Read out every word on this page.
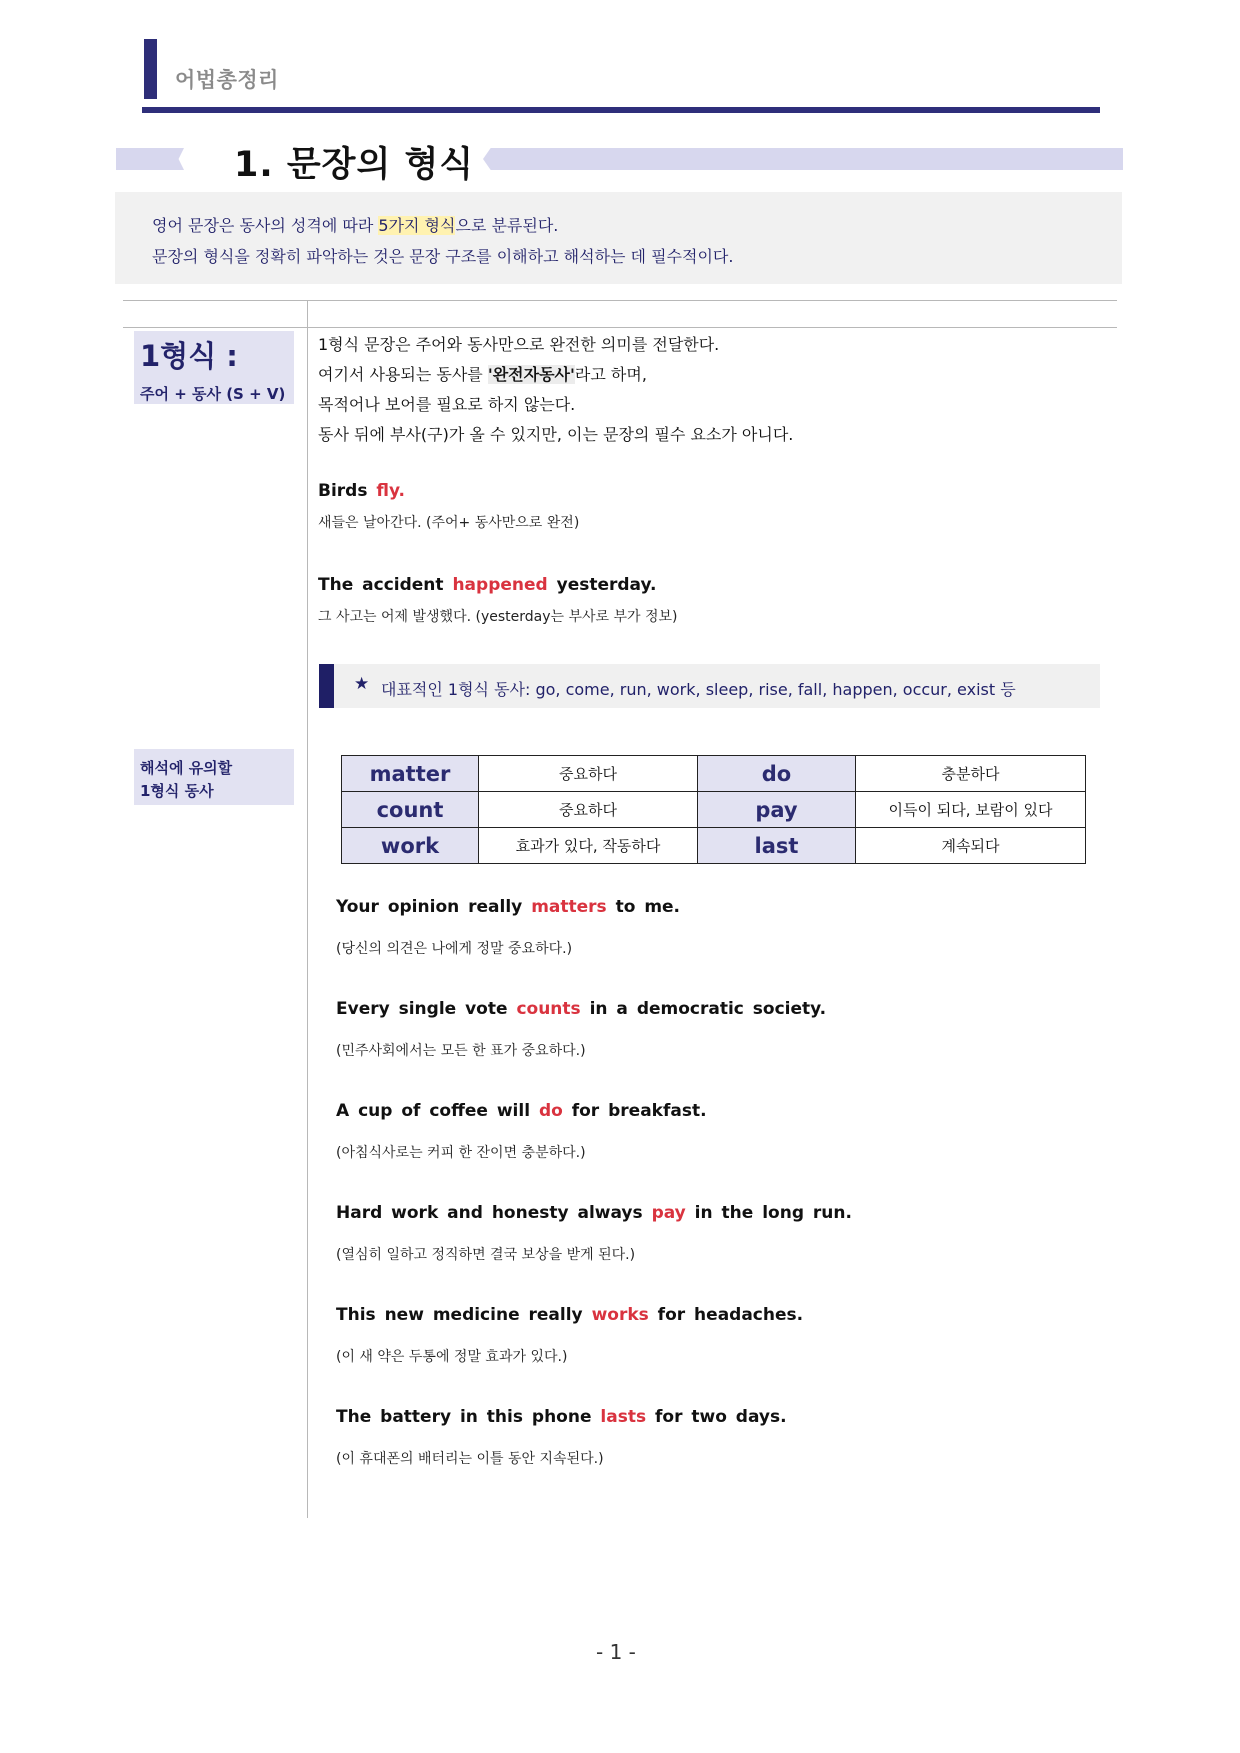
어법총정리
1. 문장의 형식
영어 문장은 동사의 성격에 따라 5가지 형식으로 분류된다.
문장의 형식을 정확히 파악하는 것은 문장 구조를 이해하고 해석하는 데 필수적이다.
1형식 :
주어 + 동사 (S + V)
1형식 문장은 주어와 동사만으로 완전한 의미를 전달한다.
여기서 사용되는 동사를 '완전자동사'라고 하며,
목적어나 보어를 필요로 하지 않는다.
동사 뒤에 부사(구)가 올 수 있지만, 이는 문장의 필수 요소가 아니다.
Birds fly.
새들은 날아간다. (주어+ 동사만으로 완전)
The accident happened yesterday.
그 사고는 어제 발생했다. (yesterday는 부사로 부가 정보)
★ 대표적인 1형식 동사: go, come, run, work, sleep, rise, fall, happen, occur, exist 등
해석에 유의할
1형식 동사
matter	중요하다	do	충분하다
count	중요하다	pay	이득이 되다, 보람이 있다
work	효과가 있다, 작동하다	last	계속되다
Your opinion really matters to me.
(당신의 의견은 나에게 정말 중요하다.)
Every single vote counts in a democratic society.
(민주사회에서는 모든 한 표가 중요하다.)
A cup of coffee will do for breakfast.
(아침식사로는 커피 한 잔이면 충분하다.)
Hard work and honesty always pay in the long run.
(열심히 일하고 정직하면 결국 보상을 받게 된다.)
This new medicine really works for headaches.
(이 새 약은 두통에 정말 효과가 있다.)
The battery in this phone lasts for two days.
(이 휴대폰의 배터리는 이틀 동안 지속된다.)
- 1 -
